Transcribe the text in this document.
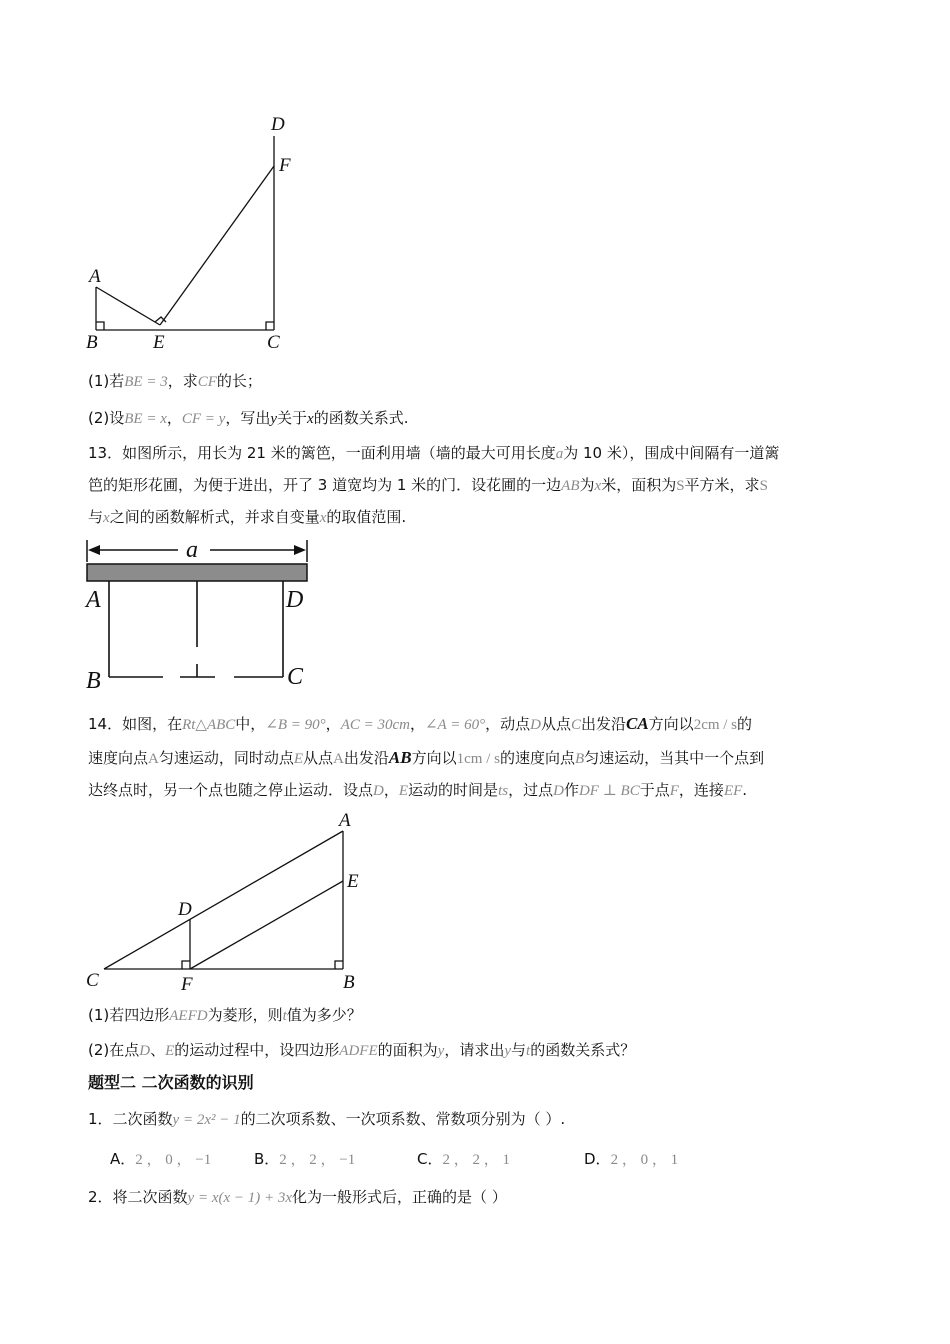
D
F
A
B	E	C
(1)若BE = 3，求CF的长；
(2)设BE = x，CF = y，写出y关于x的函数关系式.
13．如图所示，用长为 21 米的篱笆，一面利用墙（墙的最大可用长度a为 10 米），围成中间隔有一道篱
笆的矩形花圃，为便于进出，开了 3 道宽均为 1 米的门．设花圃的一边AB为x米，面积为S平方米，求S
与x之间的函数解析式，并求自变量x的取值范围.
a
A	D
B	C
14．如图，在Rt△ABC中，∠B = 90°，AC = 30cm，∠A = 60°，动点D从点C出发沿CA方向以2cm / s的
速度向点A匀速运动，同时动点E从点A出发沿AB方向以1cm / s的速度向点B匀速运动，当其中一个点到
达终点时，另一个点也随之停止运动．设点D，E运动的时间是ts，过点D作DF ⊥ BC于点F，连接EF.
A
E
D
C	F	B
(1)若四边形AEFD为菱形，则t值为多少？
(2)在点D、E的运动过程中，设四边形ADFE的面积为y，请求出y与t的函数关系式？
题型二 二次函数的识别
1．二次函数y = 2x² − 1的二次项系数、一次项系数、常数项分别为（ ）.
A．2 ， 0 ， −1	B．2 ， 2 ， −1	C．2 ， 2 ， 1	D．2 ， 0 ， 1
2．将二次函数y = x(x − 1) + 3x化为一般形式后，正确的是（ ）
